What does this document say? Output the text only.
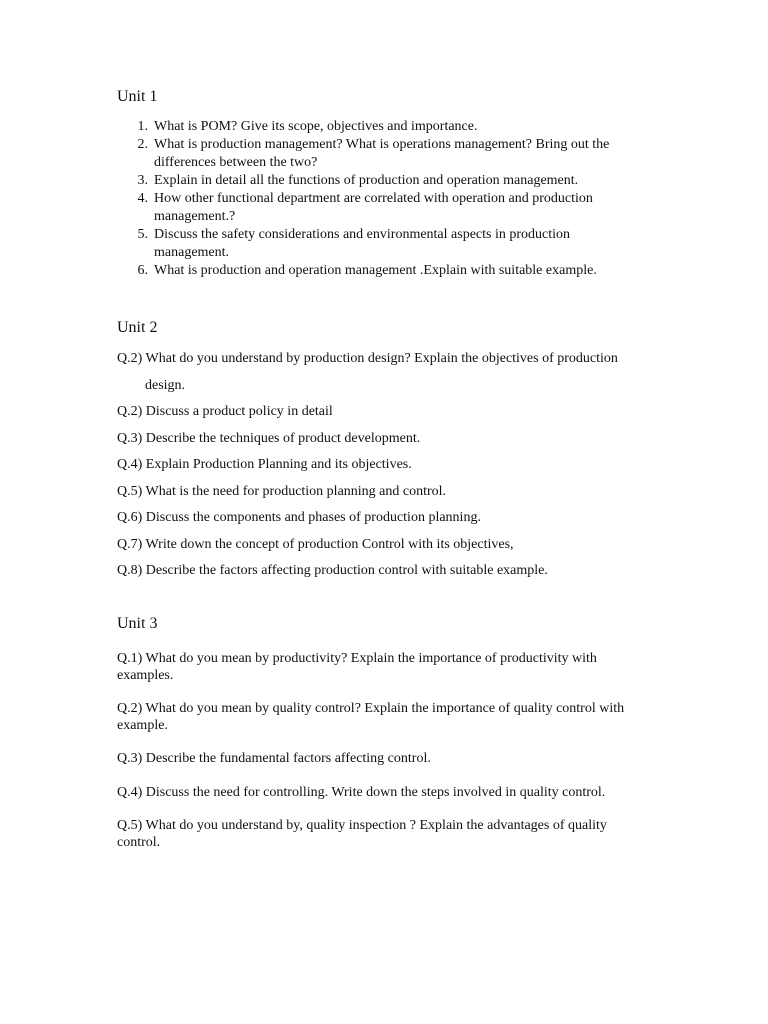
Unit 1
1. What is POM? Give its scope, objectives and importance.
2. What is production management? What is operations management? Bring out the differences between the two?
3. Explain in detail all the functions of production and operation management.
4. How other functional department are correlated with operation and production management.?
5. Discuss the safety considerations and environmental aspects in production management.
6. What is production and operation management .Explain with suitable example.
Unit 2
Q.2) What do you understand by production design? Explain the objectives of production design.
Q.2) Discuss a product policy in detail
Q.3) Describe the techniques of product development.
Q.4) Explain Production Planning and its objectives.
Q.5) What is the need for production planning and control.
Q.6) Discuss the components and phases of production planning.
Q.7) Write down the concept of production Control with its objectives,
Q.8) Describe the factors affecting production control with suitable example.
Unit 3
Q.1) What do you mean by productivity? Explain the importance of productivity with examples.
Q.2) What do you mean by quality control? Explain the importance of quality control with example.
Q.3) Describe the fundamental factors affecting control.
Q.4) Discuss the need for controlling. Write down the steps involved in quality control.
Q.5) What do you understand by, quality inspection ? Explain the advantages of quality control.
